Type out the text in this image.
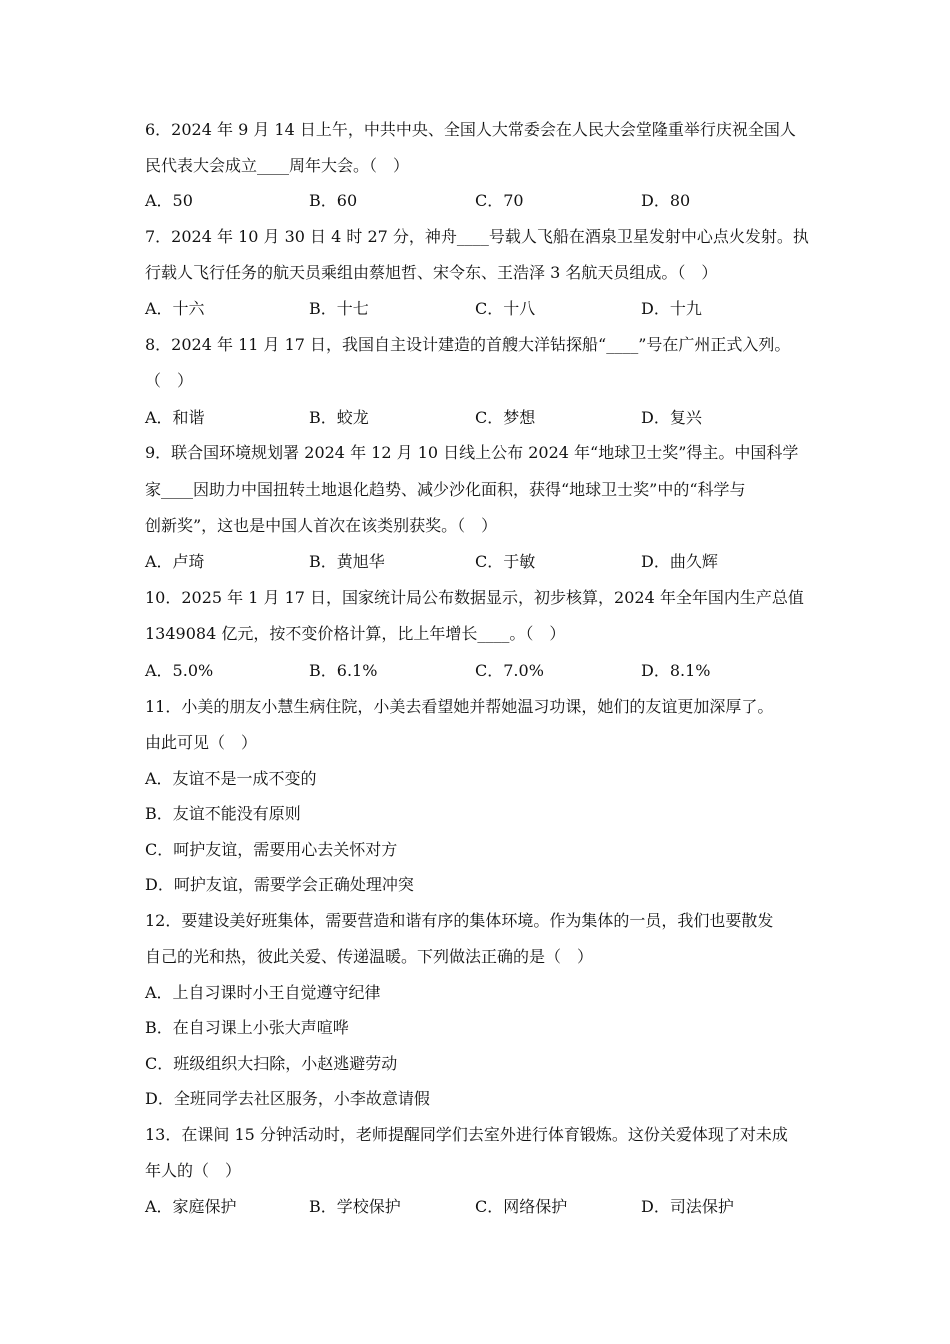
6．2024 年 9 月 14 日上午，中共中央、全国人大常委会在人民大会堂隆重举行庆祝全国人
民代表大会成立____周年大会。（　）
A．50	B．60	C．70	D．80
7．2024 年 10 月 30 日 4 时 27 分，神舟____号载人飞船在酒泉卫星发射中心点火发射。执
行载人飞行任务的航天员乘组由蔡旭哲、宋令东、王浩泽 3 名航天员组成。（　）
A．十六	B．十七	C．十八	D．十九
8．2024 年 11 月 17 日，我国自主设计建造的首艘大洋钻探船“____”号在广州正式入列。
（　）
A．和谐	B．蛟龙	C．梦想	D．复兴
9．联合国环境规划署 2024 年 12 月 10 日线上公布 2024 年“地球卫士奖”得主。中国科学
家____因助力中国扭转土地退化趋势、减少沙化面积，获得“地球卫士奖”中的“科学与
创新奖”，这也是中国人首次在该类别获奖。（　）
A．卢琦	B．黄旭华	C．于敏	D．曲久辉
10．2025 年 1 月 17 日，国家统计局公布数据显示，初步核算，2024 年全年国内生产总值
1349084 亿元，按不变价格计算，比上年增长____。（　）
A．5.0%	B．6.1%	C．7.0%	D．8.1%
11．小美的朋友小慧生病住院，小美去看望她并帮她温习功课，她们的友谊更加深厚了。
由此可见（　）
A．友谊不是一成不变的
B．友谊不能没有原则
C．呵护友谊，需要用心去关怀对方
D．呵护友谊，需要学会正确处理冲突
12．要建设美好班集体，需要营造和谐有序的集体环境。作为集体的一员，我们也要散发
自己的光和热，彼此关爱、传递温暖。下列做法正确的是（　）
A．上自习课时小王自觉遵守纪律
B．在自习课上小张大声喧哗
C．班级组织大扫除，小赵逃避劳动
D．全班同学去社区服务，小李故意请假
13．在课间 15 分钟活动时，老师提醒同学们去室外进行体育锻炼。这份关爱体现了对未成
年人的（　）
A．家庭保护	B．学校保护	C．网络保护	D．司法保护
